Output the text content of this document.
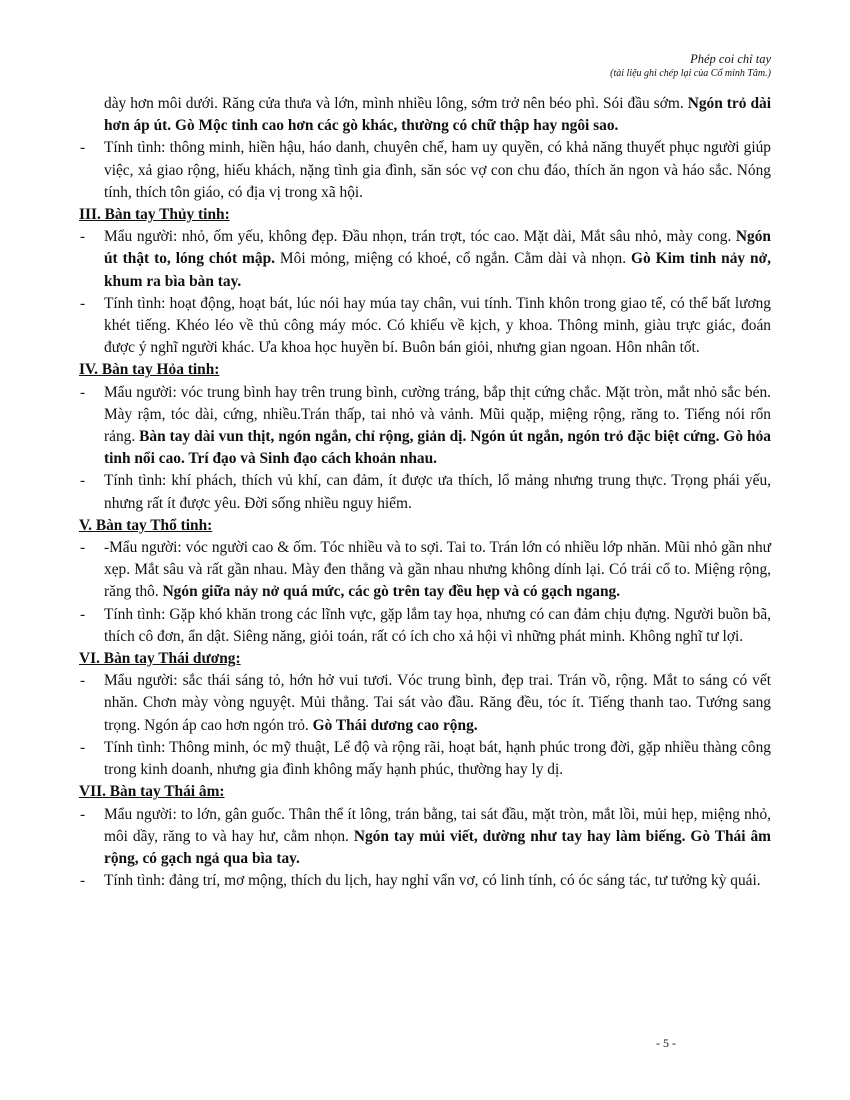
Phép coi chỉ tay
(tài liệu ghi chép lại của Cổ minh Tâm.)
dày hơn môi dưới. Răng cửa thưa và lớn, mình nhiều lông, sớm trở nên béo phì. Sói đầu sớm. Ngón trỏ dài hơn áp út. Gò Mộc tinh cao hơn các gò khác, thường có chữ thập hay ngôi sao.
- Tính tình: thông minh, hiền hậu, háo danh, chuyên chế, ham uy quyền, có khả năng thuyết phục người giúp việc, xả giao rộng, hiếu khách, nặng tình gia đình, săn sóc vợ con chu đáo, thích ăn ngon và háo sắc. Nóng tính, thích tôn giáo, có địa vị trong xã hội.
III. Bàn tay Thủy tinh:
- Mẩu người: nhỏ, ốm yếu, không đẹp. Đầu nhọn, trán trợt, tóc cao. Mặt dài, Mắt sâu nhỏ, mày cong. Ngón út thật to, lóng chót mập. Môi mỏng, miệng có khoé, cổ ngắn. Cằm dài và nhọn. Gò Kim tinh nảy nở, khum ra bìa bàn tay.
- Tính tình: hoạt động, hoạt bát, lúc nói hay múa tay chân, vui tính. Tinh khôn trong giao tế, có thể bất lương khét tiếng. Khéo léo về thủ công máy móc. Có khiếu về kịch, y khoa. Thông minh, giàu trực giác, đoán được ý nghĩ người khác. Ưa khoa học huyền bí. Buôn bán giỏi, nhưng gian ngoan. Hôn nhân tốt.
IV. Bàn tay Hỏa tinh:
- Mẩu người: vóc trung bình hay trên trung bình, cường tráng, bắp thịt cứng chắc. Mặt tròn, mắt nhỏ sắc bén. Mày rậm, tóc dài, cứng, nhiều.Trán thấp, tai nhỏ và vảnh. Mũi quặp, miệng rộng, răng to. Tiếng nói rổn rảng. Bàn tay dài vun thịt, ngón ngắn, chỉ rộng, giản dị. Ngón út ngắn, ngón trỏ đặc biệt cứng. Gò hỏa tinh nổi cao. Trí đạo và Sinh đạo cách khoản nhau.
- Tính tình: khí phách, thích vủ khí, can đảm, ít được ưa thích, lổ mảng nhưng trung thực. Trọng phái yếu, nhưng rất ít được yêu. Đời sống nhiều nguy hiểm.
V. Bàn tay Thổ tinh:
- -Mẩu người: vóc người cao & ốm. Tóc nhiều và to sợi. Tai to. Trán lớn có nhiều lớp nhăn. Mũi nhỏ gần như xẹp. Mắt sâu và rất gần nhau. Mày đen thẳng và gần nhau nhưng không dính lại. Có trái cổ to. Miệng rộng, răng thô. Ngón giữa nảy nở quá mức, các gò trên tay đều hẹp và có gạch ngang.
- Tính tình: Gặp khó khăn trong các lĩnh vực, gặp lắm tay họa, nhưng có can đảm chịu đựng. Người buồn bã, thích cô đơn, ẩn dật. Siêng năng, giỏi toán, rất có ích cho xả hội vì những phát minh. Không nghĩ tư lợi.
VI. Bàn tay Thái dương:
- Mẩu người: sắc thái sáng tỏ, hớn hở vui tươi. Vóc trung bình, đẹp trai. Trán vồ, rộng. Mắt to sáng có vết nhăn. Chơn mày vòng nguyệt. Mủi thẳng. Tai sát vào đầu. Răng đều, tóc ít. Tiếng thanh tao. Tướng sang trọng. Ngón áp cao hơn ngón trỏ. Gò Thái dương cao rộng.
- Tính tình: Thông minh, óc mỹ thuật, Lể độ và rộng rãi, hoạt bát, hạnh phúc trong đời, gặp nhiều thàng công trong kinh doanh, nhưng gia đình không mấy hạnh phúc, thường hay ly dị.
VII. Bàn tay Thái âm:
- Mẩu người: to lớn, gân guốc. Thân thể ít lông, trán bằng, tai sát đầu, mặt tròn, mắt lồi, mủi hẹp, miệng nhỏ, môi dầy, răng to và hay hư, cằm nhọn. Ngón tay mủi viết, dường như tay hay làm biếng. Gò Thái âm rộng, có gạch ngả qua bìa tay.
- Tính tình: đảng trí, mơ mộng, thích du lịch, hay nghỉ vẩn vơ, có linh tính, có óc sáng tác, tư tưởng kỳ quái.
- 5 -
